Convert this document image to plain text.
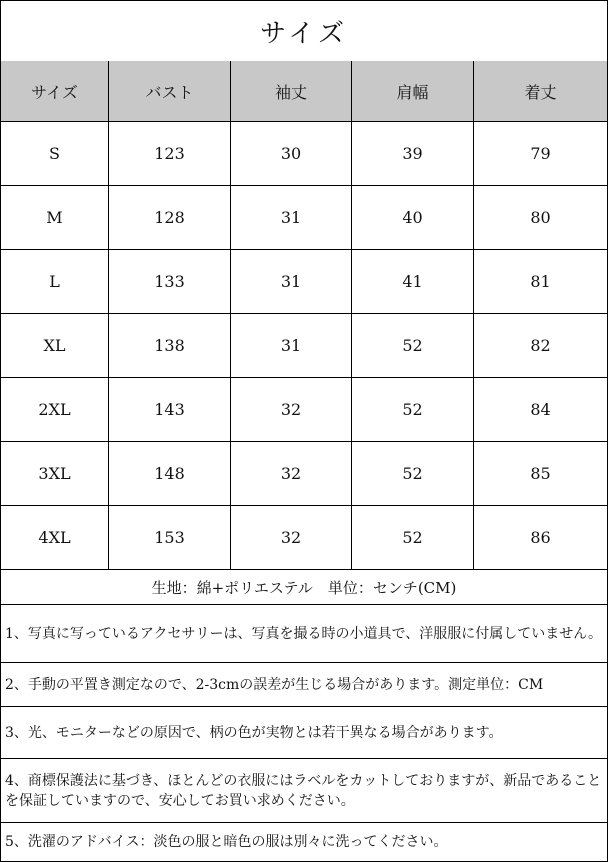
サイズ
サイズ	バスト	袖丈	肩幅	着丈
S	123	30	39	79
M	128	31	40	80
L	133	31	41	81
XL	138	31	52	82
2XL	143	32	52	84
3XL	148	32	52	85
4XL	153	32	52	86
生地：綿+ポリエステル　単位：センチ(CM)
1、写真に写っているアクセサリーは、写真を撮る時の小道具で、洋服服に付属していません。
2、手動の平置き測定なので、2-3cmの誤差が生じる場合があります。測定単位：CM
3、光、モニターなどの原因で、柄の色が実物とは若干異なる場合があります。
4、商標保護法に基づき、ほとんどの衣服にはラベルをカットしておりますが、新品であることを保証していますので、安心してお買い求めください。
5、洗濯のアドバイス：淡色の服と暗色の服は別々に洗ってください。
